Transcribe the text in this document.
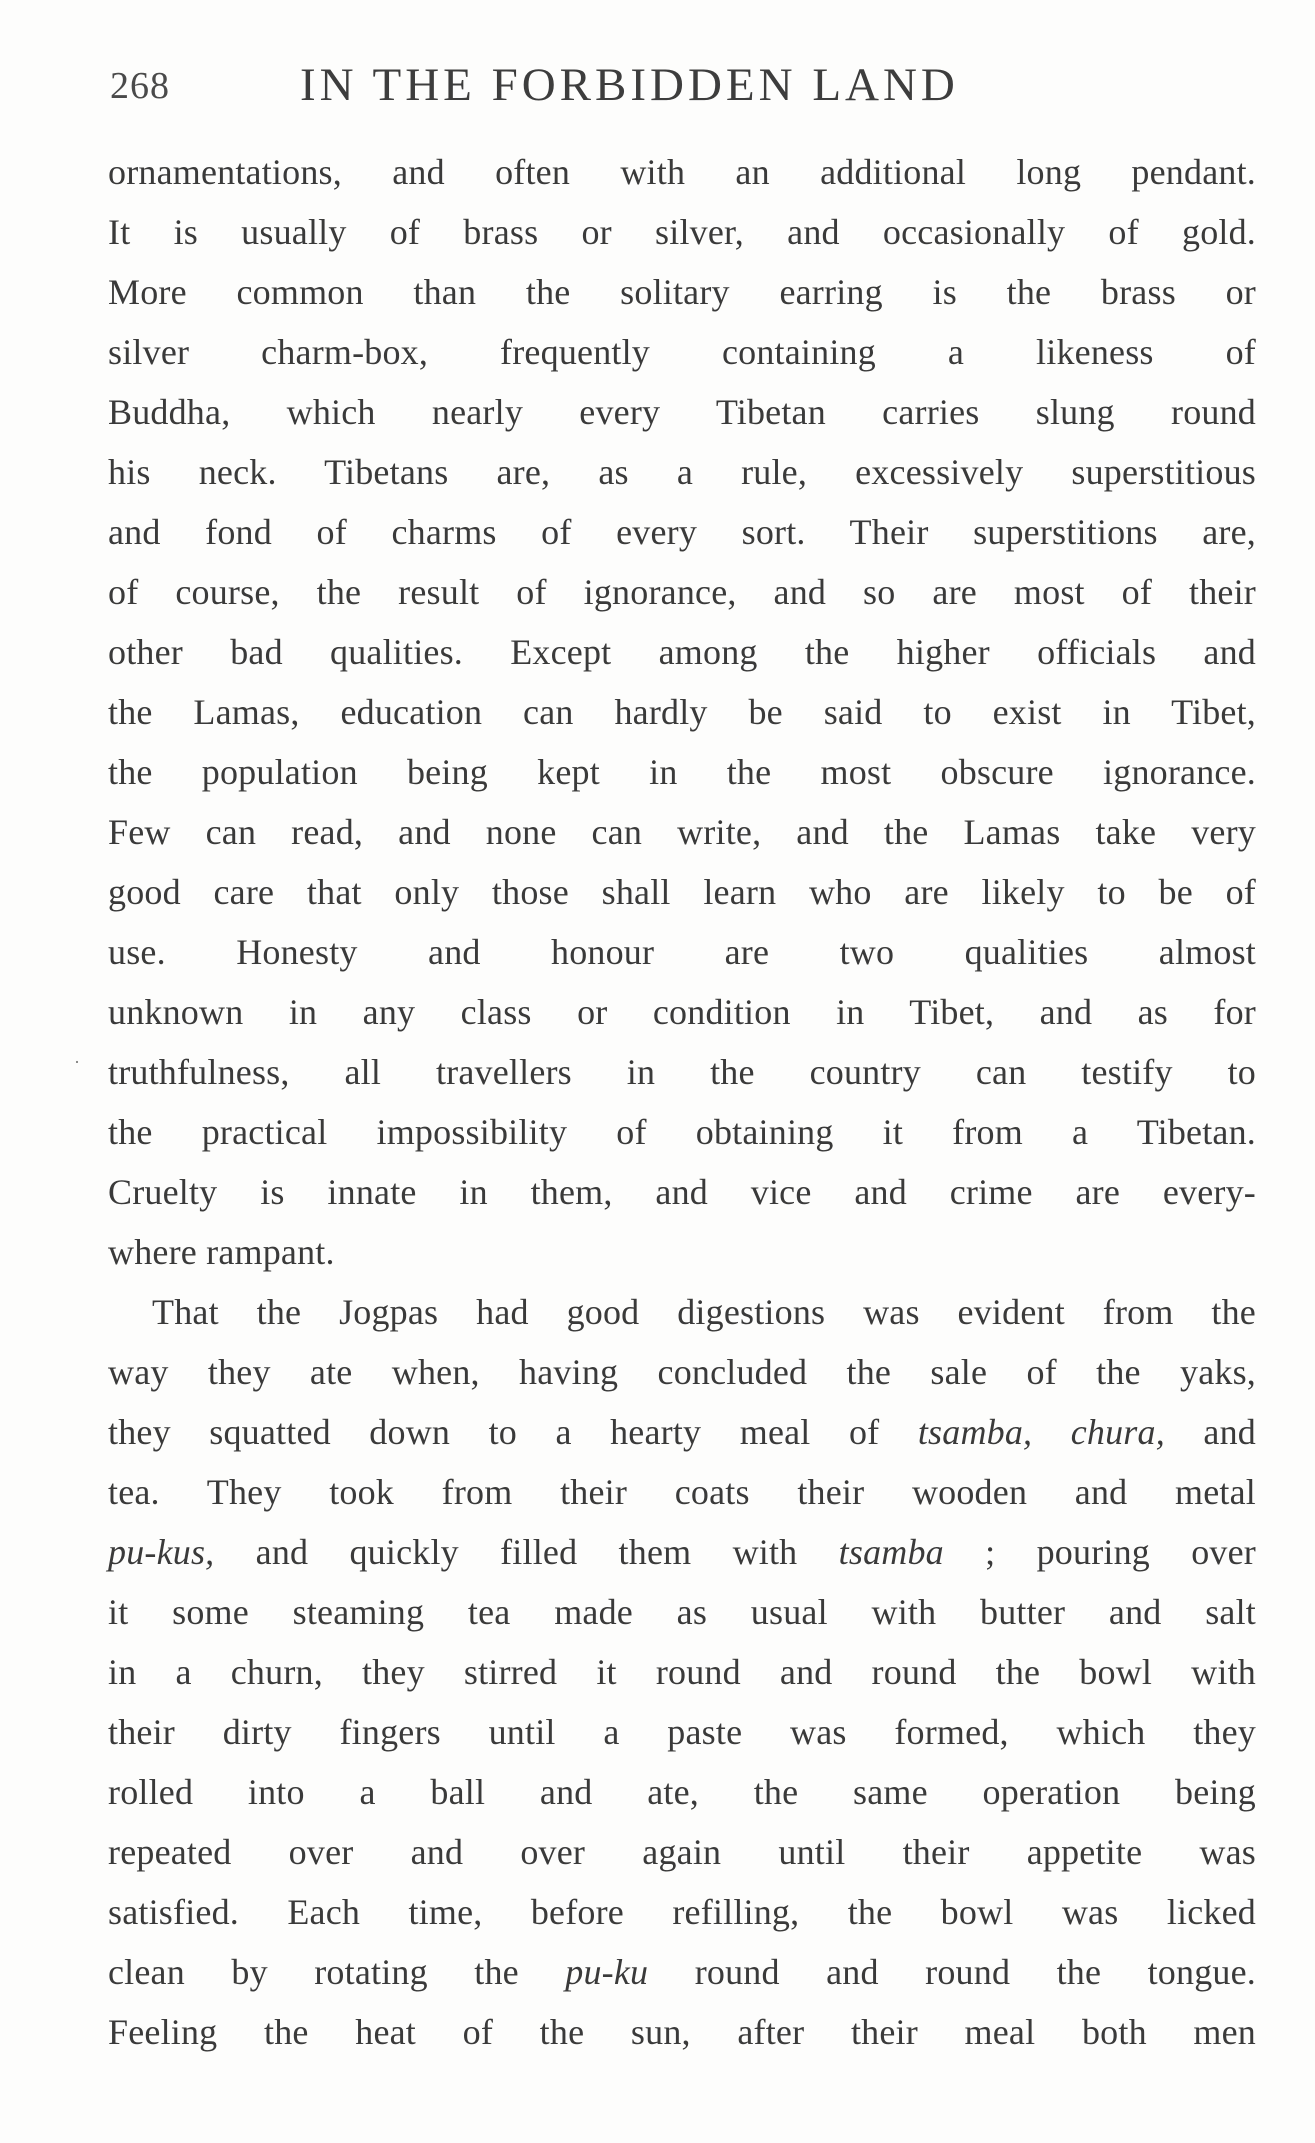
268	IN THE FORBIDDEN LAND
·
ornamentations, and often with an additional long pendant.
It is usually of brass or silver, and occasionally of gold.
More common than the solitary earring is the brass or
silver charm-box, frequently containing a likeness of
Buddha, which nearly every Tibetan carries slung round
his neck. Tibetans are, as a rule, excessively superstitious
and fond of charms of every sort. Their superstitions are,
of course, the result of ignorance, and so are most of their
other bad qualities. Except among the higher officials and
the Lamas, education can hardly be said to exist in Tibet,
the population being kept in the most obscure ignorance.
Few can read, and none can write, and the Lamas take very
good care that only those shall learn who are likely to be of
use. Honesty and honour are two qualities almost
unknown in any class or condition in Tibet, and as for
truthfulness, all travellers in the country can testify to
the practical impossibility of obtaining it from a Tibetan.
Cruelty is innate in them, and vice and crime are every-
where rampant.
That the Jogpas had good digestions was evident from the
way they ate when, having concluded the sale of the yaks,
they squatted down to a hearty meal of tsamba, chura, and
tea. They took from their coats their wooden and metal
pu-kus, and quickly filled them with tsamba ; pouring over
it some steaming tea made as usual with butter and salt
in a churn, they stirred it round and round the bowl with
their dirty fingers until a paste was formed, which they
rolled into a ball and ate, the same operation being
repeated over and over again until their appetite was
satisfied. Each time, before refilling, the bowl was licked
clean by rotating the pu-ku round and round the tongue.
Feeling the heat of the sun, after their meal both men
